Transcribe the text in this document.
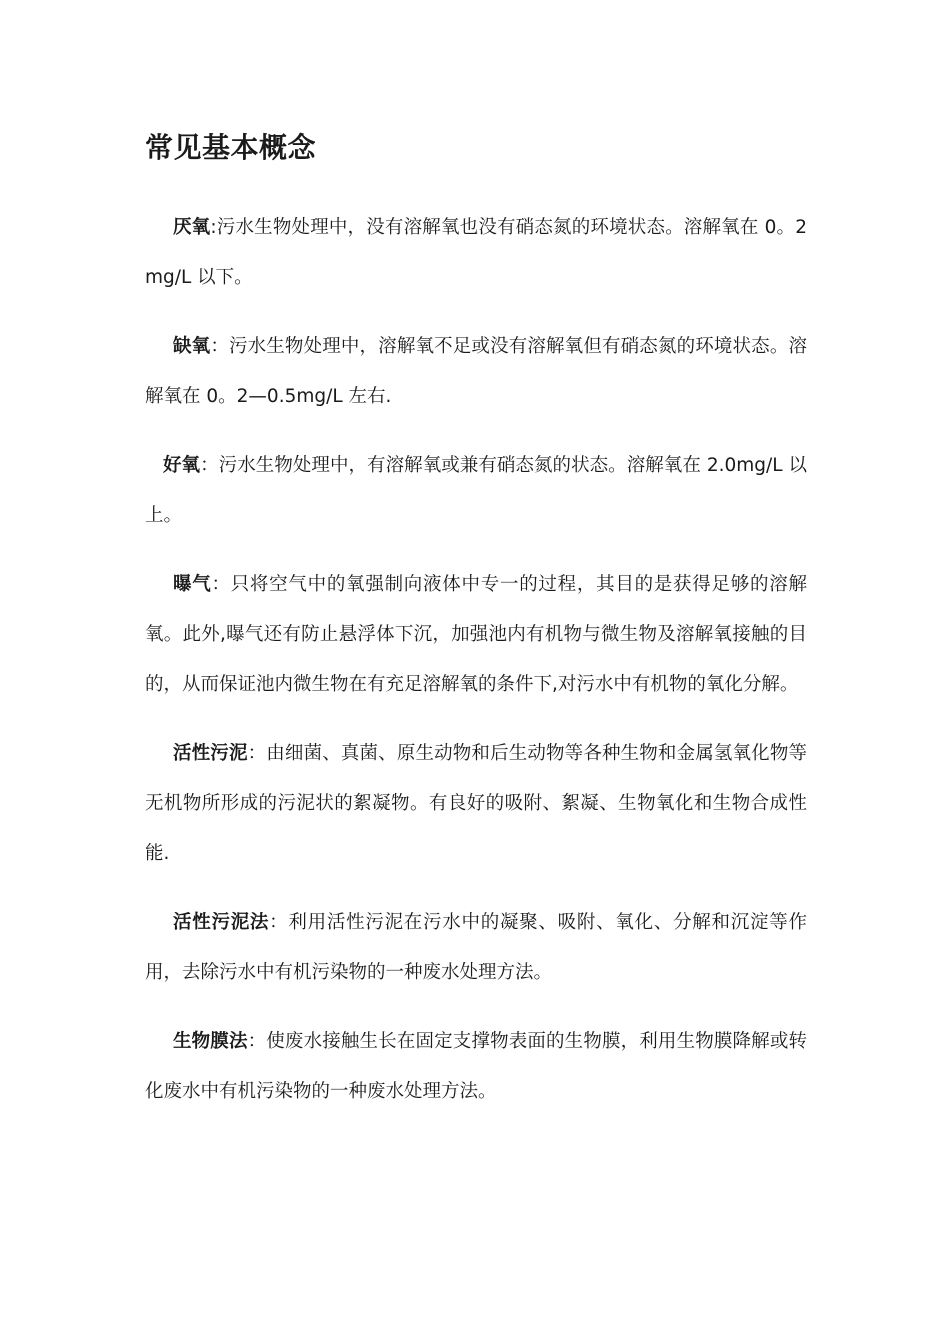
常见基本概念

厌氧:污水生物处理中，没有溶解氧也没有硝态氮的环境状态。溶解氧在 0。2mg/L 以下。

缺氧：污水生物处理中，溶解氧不足或没有溶解氧但有硝态氮的环境状态。溶解氧在 0。2—0.5mg/L 左右.

好氧：污水生物处理中，有溶解氧或兼有硝态氮的状态。溶解氧在 2.0mg/L 以上。

曝气：只将空气中的氧强制向液体中专一的过程，其目的是获得足够的溶解氧。此外,曝气还有防止悬浮体下沉，加强池内有机物与微生物及溶解氧接触的目的，从而保证池内微生物在有充足溶解氧的条件下,对污水中有机物的氧化分解。

活性污泥：由细菌、真菌、原生动物和后生动物等各种生物和金属氢氧化物等无机物所形成的污泥状的絮凝物。有良好的吸附、絮凝、生物氧化和生物合成性能.

活性污泥法：利用活性污泥在污水中的凝聚、吸附、氧化、分解和沉淀等作用，去除污水中有机污染物的一种废水处理方法。

生物膜法：使废水接触生长在固定支撑物表面的生物膜，利用生物膜降解或转化废水中有机污染物的一种废水处理方法。
